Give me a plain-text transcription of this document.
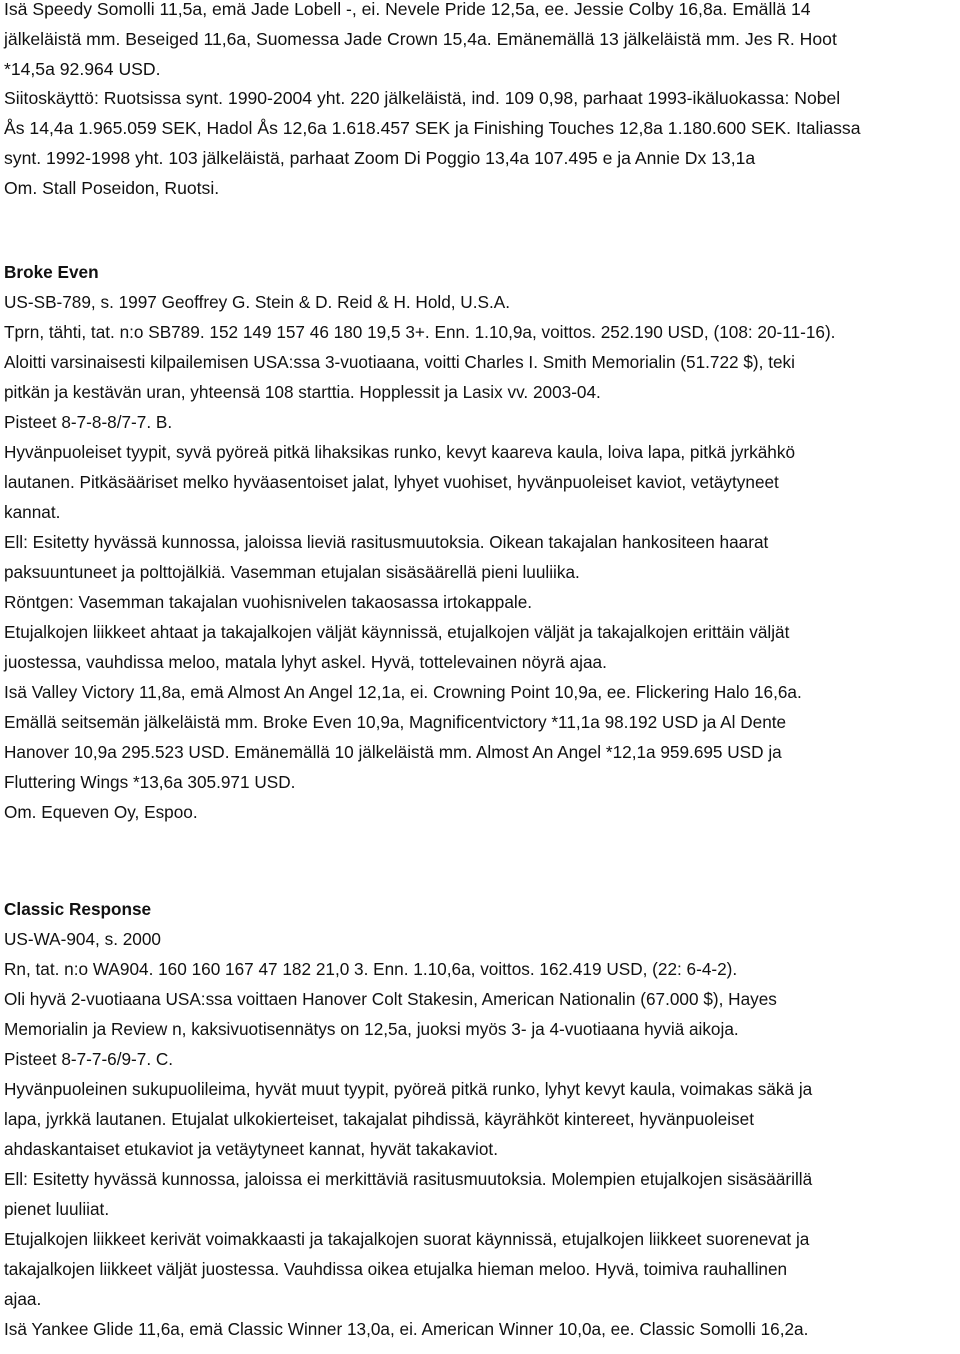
Isä Speedy Somolli 11,5a, emä Jade Lobell -, ei. Nevele Pride 12,5a, ee. Jessie Colby 16,8a. Emällä 14

jälkeläistä mm. Beseiged 11,6a, Suomessa Jade Crown 15,4a. Emänemällä 13 jälkeläistä mm. Jes R. Hoot

*14,5a 92.964 USD.

Siitoskäyttö: Ruotsissa synt. 1990-2004 yht. 220 jälkeläistä, ind. 109 0,98, parhaat 1993-ikäluokassa: Nobel

Ås 14,4a 1.965.059 SEK, Hadol Ås 12,6a 1.618.457 SEK ja Finishing Touches 12,8a 1.180.600 SEK. Italiassa

synt. 1992-1998 yht. 103 jälkeläistä, parhaat Zoom Di Poggio 13,4a 107.495 e ja Annie Dx 13,1a

Om. Stall Poseidon, Ruotsi.

Broke Even

US-SB-789, s. 1997 Geoffrey G. Stein & D. Reid & H. Hold, U.S.A.

Tprn, tähti, tat. n:o SB789. 152 149 157 46 180 19,5 3+. Enn. 1.10,9a, voittos. 252.190 USD, (108: 20-11-16).

Aloitti varsinaisesti kilpailemisen USA:ssa 3-vuotiaana, voitti Charles I. Smith Memorialin (51.722 $), teki

pitkän ja kestävän uran, yhteensä 108 starttia. Hopplessit ja Lasix vv. 2003-04.

Pisteet 8-7-8-8/7-7. B.

Hyvänpuoleiset tyypit, syvä pyöreä pitkä lihaksikas runko, kevyt kaareva kaula, loiva lapa, pitkä jyrkähkö

lautanen. Pitkäsääriset melko hyväasentoiset jalat, lyhyet vuohiset, hyvänpuoleiset kaviot, vetäytyneet

kannat.

Ell: Esitetty hyvässä kunnossa, jaloissa lieviä rasitusmuutoksia. Oikean takajalan hankositeen haarat

paksuuntuneet ja polttojälkiä. Vasemman etujalan sisäsäärellä pieni luuliika.

Röntgen: Vasemman takajalan vuohisnivelen takaosassa irtokappale.

Etujalkojen liikkeet ahtaat ja takajalkojen väljät käynnissä, etujalkojen väljät ja takajalkojen erittäin väljät

juostessa, vauhdissa meloo, matala lyhyt askel. Hyvä, tottelevainen nöyrä ajaa.

Isä Valley Victory 11,8a, emä Almost An Angel 12,1a, ei. Crowning Point 10,9a, ee. Flickering Halo 16,6a.

Emällä seitsemän jälkeläistä mm. Broke Even 10,9a, Magnificentvictory *11,1a 98.192 USD ja Al Dente

Hanover 10,9a 295.523 USD. Emänemällä 10 jälkeläistä mm. Almost An Angel *12,1a 959.695 USD ja

Fluttering Wings *13,6a 305.971 USD.

Om. Equeven Oy, Espoo.

Classic Response

US-WA-904, s. 2000

Rn, tat. n:o WA904. 160 160 167 47 182 21,0 3. Enn. 1.10,6a, voittos. 162.419 USD, (22: 6-4-2).

Oli hyvä 2-vuotiaana USA:ssa voittaen Hanover Colt Stakesin, American Nationalin (67.000 $), Hayes

Memorialin ja Review n, kaksivuotisennätys on 12,5a, juoksi myös 3- ja 4-vuotiaana hyviä aikoja.

Pisteet 8-7-7-6/9-7. C.

Hyvänpuoleinen sukupuolileima, hyvät muut tyypit, pyöreä pitkä runko, lyhyt kevyt kaula, voimakas säkä ja

lapa, jyrkkä lautanen. Etujalat ulkokierteiset, takajalat pihdissä, käyrähköt kintereet, hyvänpuoleiset

ahdaskantaiset etukaviot ja vetäytyneet kannat, hyvät takakaviot.

Ell: Esitetty hyvässä kunnossa, jaloissa ei merkittäviä rasitusmuutoksia. Molempien etujalkojen sisäsäärillä

pienet luuliiat.

Etujalkojen liikkeet kerivät voimakkaasti ja takajalkojen suorat käynnissä, etujalkojen liikkeet suorenevat ja

takajalkojen liikkeet väljät juostessa. Vauhdissa oikea etujalka hieman meloo. Hyvä, toimiva rauhallinen

ajaa.

Isä Yankee Glide 11,6a, emä Classic Winner 13,0a, ei. American Winner 10,0a, ee. Classic Somolli 16,2a.
